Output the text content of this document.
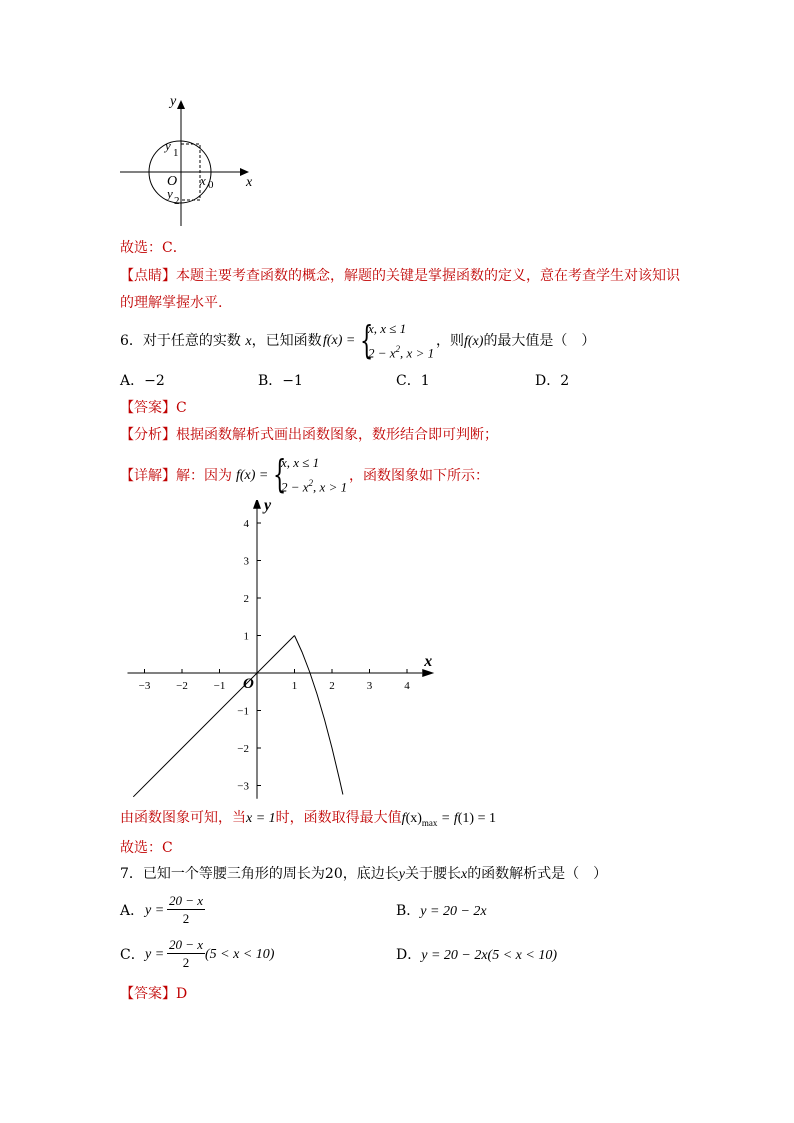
y
x
O
y 1
y 2
x 0
故选：C．
【点睛】本题主要考查函数的概念，解题的关键是掌握函数的定义，意在考查学生对该知识
的理解掌握水平.
6．对于任意的实数 x，已知函数 f(x) = {
x, x ≤ 1
$2 - x^2$, x > 1
，则f(x)的最大值是（　）
A．−2	B．−1	C．1	D．2
【答案】C
【分析】根据函数解析式画出函数图象，数形结合即可判断；
【详解】解：因为 f(x) = {
x, x ≤ 1
$2 - x^2$, x > 1
，函数图象如下所示：
−3 −2 −1	1	2	3	4
4
3
2
1
−1
−2
−3
x
y
O
由函数图象可知，当x = 1时，函数取得最大值$f(x)_{max} = f(1) = 1$
故选：C
7．已知一个等腰三角形的周长为20，底边长y关于腰长x的函数解析式是（　）
A． y =
20 − x
2	B．y = 20 − 2x
C． y =
20 − x
2
(5 < x < 10)	D．y = 20 − 2x(5 < x < 10)
【答案】D
